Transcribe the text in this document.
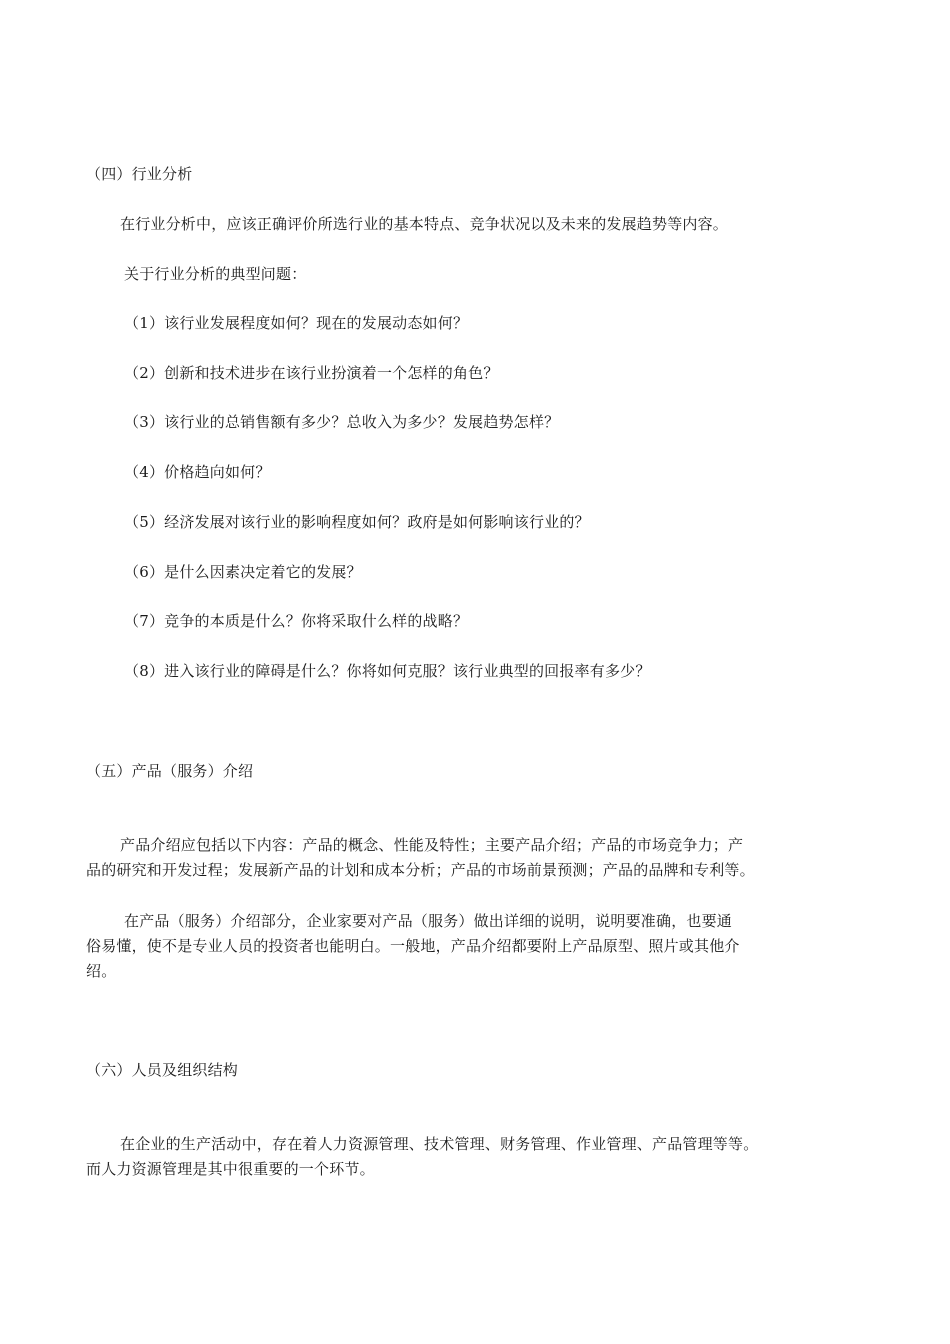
（四）行业分析
在行业分析中，应该正确评价所选行业的基本特点、竞争状况以及未来的发展趋势等内容。
关于行业分析的典型问题：
（1）该行业发展程度如何？现在的发展动态如何？
（2）创新和技术进步在该行业扮演着一个怎样的角色？
（3）该行业的总销售额有多少？总收入为多少？发展趋势怎样？
（4）价格趋向如何？
（5）经济发展对该行业的影响程度如何？政府是如何影响该行业的？
（6）是什么因素决定着它的发展？
（7）竞争的本质是什么？你将采取什么样的战略？
（8）进入该行业的障碍是什么？你将如何克服？该行业典型的回报率有多少？
（五）产品（服务）介绍
产品介绍应包括以下内容：产品的概念、性能及特性；主要产品介绍；产品的市场竞争力；产
品的研究和开发过程；发展新产品的计划和成本分析；产品的市场前景预测；产品的品牌和专利等。
在产品（服务）介绍部分，企业家要对产品（服务）做出详细的说明，说明要准确，也要通
俗易懂，使不是专业人员的投资者也能明白。一般地，产品介绍都要附上产品原型、照片或其他介
绍。
（六）人员及组织结构
在企业的生产活动中，存在着人力资源管理、技术管理、财务管理、作业管理、产品管理等等。
而人力资源管理是其中很重要的一个环节。
